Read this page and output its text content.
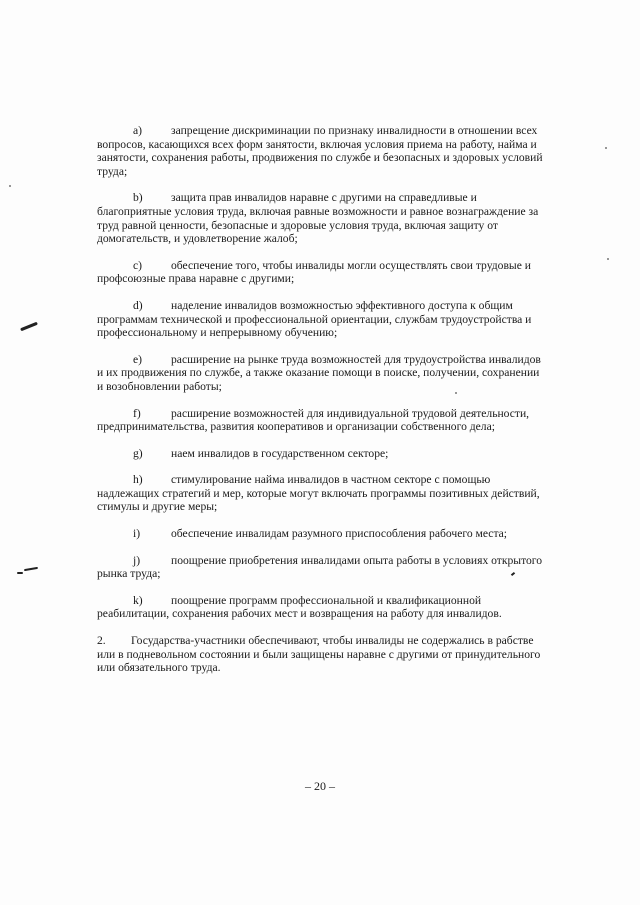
a) запрещение дискриминации по признаку инвалидности в отношении всех вопросов, касающихся всех форм занятости, включая условия приема на работу, найма и занятости, сохранения работы, продвижения по службе и безопасных и здоровых условий труда;
b) защита прав инвалидов наравне с другими на справедливые и благоприятные условия труда, включая равные возможности и равное вознаграждение за труд равной ценности, безопасные и здоровые условия труда, включая защиту от домогательств, и удовлетворение жалоб;
c) обеспечение того, чтобы инвалиды могли осуществлять свои трудовые и профсоюзные права наравне с другими;
d) наделение инвалидов возможностью эффективного доступа к общим программам технической и профессиональной ориентации, службам трудоустройства и профессиональному и непрерывному обучению;
e) расширение на рынке труда возможностей для трудоустройства инвалидов и их продвижения по службе, а также оказание помощи в поиске, получении, сохранении и возобновлении работы;
f)	расширение возможностей для индивидуальной трудовой деятельности, предпринимательства, развития кооперативов и организации собственного дела;
g) наем инвалидов в государственном секторе;
h) стимулирование найма инвалидов в частном секторе с помощью надлежащих стратегий и мер, которые могут включать программы позитивных действий, стимулы и другие меры;
i)	обеспечение инвалидам разумного приспособления рабочего места;
j)	поощрение приобретения инвалидами опыта работы в условиях открытого рынка труда;
k) поощрение программ профессиональной и квалификационной реабилитации, сохранения рабочих мест и возвращения на работу для инвалидов.
2. Государства-участники обеспечивают, чтобы инвалиды не содержались в рабстве или в подневольном состоянии и были защищены наравне с другими от принудительного или обязательного труда.
– 20 –
